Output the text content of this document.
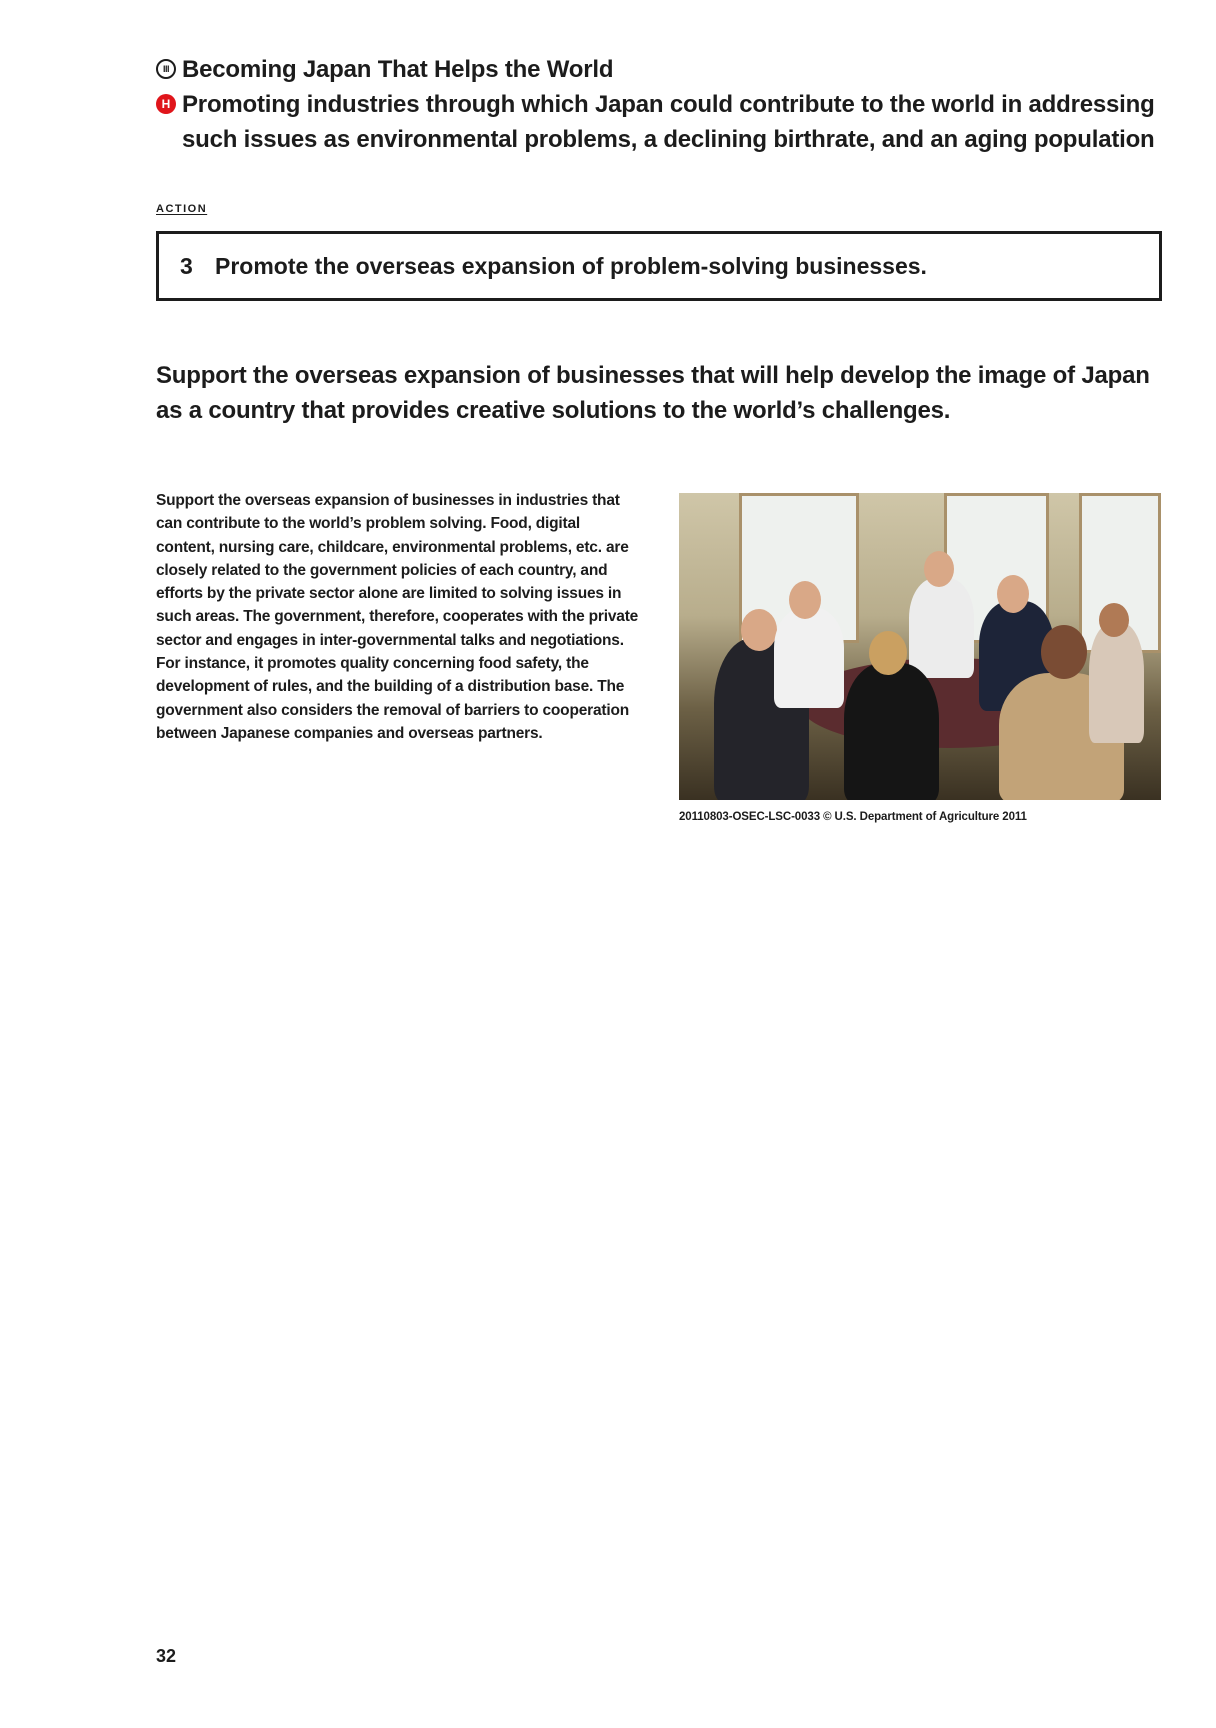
III Becoming Japan That Helps the World
H Promoting industries through which Japan could contribute to the world in addressing such issues as environmental problems, a declining birthrate, and an aging population
ACTION
3 Promote the overseas expansion of problem-solving businesses.
Support the overseas expansion of businesses that will help develop the image of Japan as a country that provides creative solutions to the world’s challenges.
Support the overseas expansion of businesses in industries that can contribute to the world’s problem solving. Food, digital content, nursing care, childcare, environmental problems, etc. are closely related to the government policies of each country, and efforts by the private sector alone are limited to solving issues in such areas. The government, therefore, cooperates with the private sector and engages in inter-governmental talks and negotiations. For instance, it promotes quality concerning food safety, the development of rules, and the building of a distribution base. The government also considers the removal of barriers to cooperation between Japanese companies and overseas partners.
20110803-OSEC-LSC-0033 © U.S. Department of Agriculture 2011
32
